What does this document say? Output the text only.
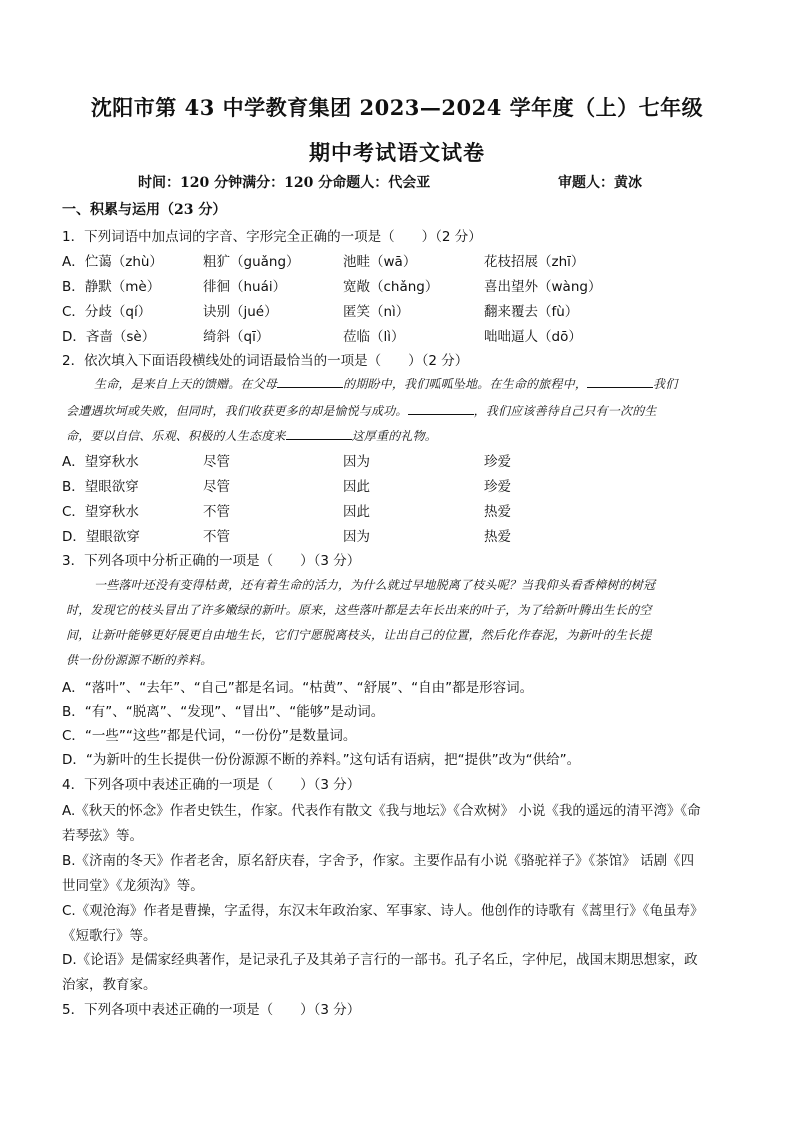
沈阳市第 43 中学教育集团 2023—2024 学年度（上）七年级
期中考试语文试卷
时间：120 分钟满分：120 分命题人：代会亚	审题人：黄冰
一、积累与运用（23 分）
1．下列词语中加点词的字音、字形完全正确的一项是（　　）（2 分）
A．伫蔼（zhù）	粗犷（guǎng）	池畦（wā）	花枝招展（zhī）
B．静默（mè）	徘徊（huái）	宽敞（chǎng）	喜出望外（wàng）
C．分歧（qí）	诀别（jué）	匿笑（nì）	翻来覆去（fù）
D．吝啬（sè）	绮斜（qī）	莅临（lì）	咄咄逼人（dō）
2．依次填入下面语段横线处的词语最恰当的一项是（　　）（2 分）
生命，是来自上天的馈赠。在父母	的期盼中，我们呱呱坠地。在生命的旅程中，	我们
会遭遇坎坷或失败，但同时，我们收获更多的却是愉悦与成功。	，我们应该善待自己只有一次的生
命，要以自信、乐观、积极的人生态度来	这厚重的礼物。
A．望穿秋水	尽管	因为	珍爱
B．望眼欲穿	尽管	因此	珍爱
C．望穿秋水	不管	因此	热爱
D．望眼欲穿	不管	因为	热爱
3．下列各项中分析正确的一项是（　　）（3 分）
一些落叶还没有变得枯黄，还有着生命的活力，为什么就过早地脱离了枝头呢？当我仰头看香樟树的树冠
时，发现它的枝头冒出了许多嫩绿的新叶。原来，这些落叶都是去年长出来的叶子，为了给新叶腾出生长的空
间，让新叶能够更好展更自由地生长，它们宁愿脱离枝头，让出自己的位置，然后化作春泥，为新叶的生长提
供一份份源源不断的养料。
A．“落叶”、“去年”、“自己”都是名词。“枯黄”、“舒展”、“自由”都是形容词。
B．“有”、“脱离”、“发现”、“冒出”、“能够”是动词。
C．“一些”“这些”都是代词，“一份份”是数量词。
D．“为新叶的生长提供一份份源源不断的养料。”这句话有语病，把“提供”改为“供给”。
4．下列各项中表述正确的一项是（　　）（3 分）
A.《秋天的怀念》作者史铁生，作家。代表作有散文《我与地坛》《合欢树》 小说《我的遥远的清平湾》《命
若琴弦》等。
B.《济南的冬天》作者老舍，原名舒庆春，字舍予，作家。主要作品有小说《骆驼祥子》《茶馆》 话剧《四
世同堂》《龙须沟》等。
C.《观沧海》作者是曹操，字孟得，东汉末年政治家、军事家、诗人。他创作的诗歌有《蒿里行》《龟虽寿》
《短歌行》等。
D.《论语》是儒家经典著作，是记录孔子及其弟子言行的一部书。孔子名丘，字仲尼，战国末期思想家，政
治家，教育家。
5．下列各项中表述正确的一项是（　　）（3 分）
